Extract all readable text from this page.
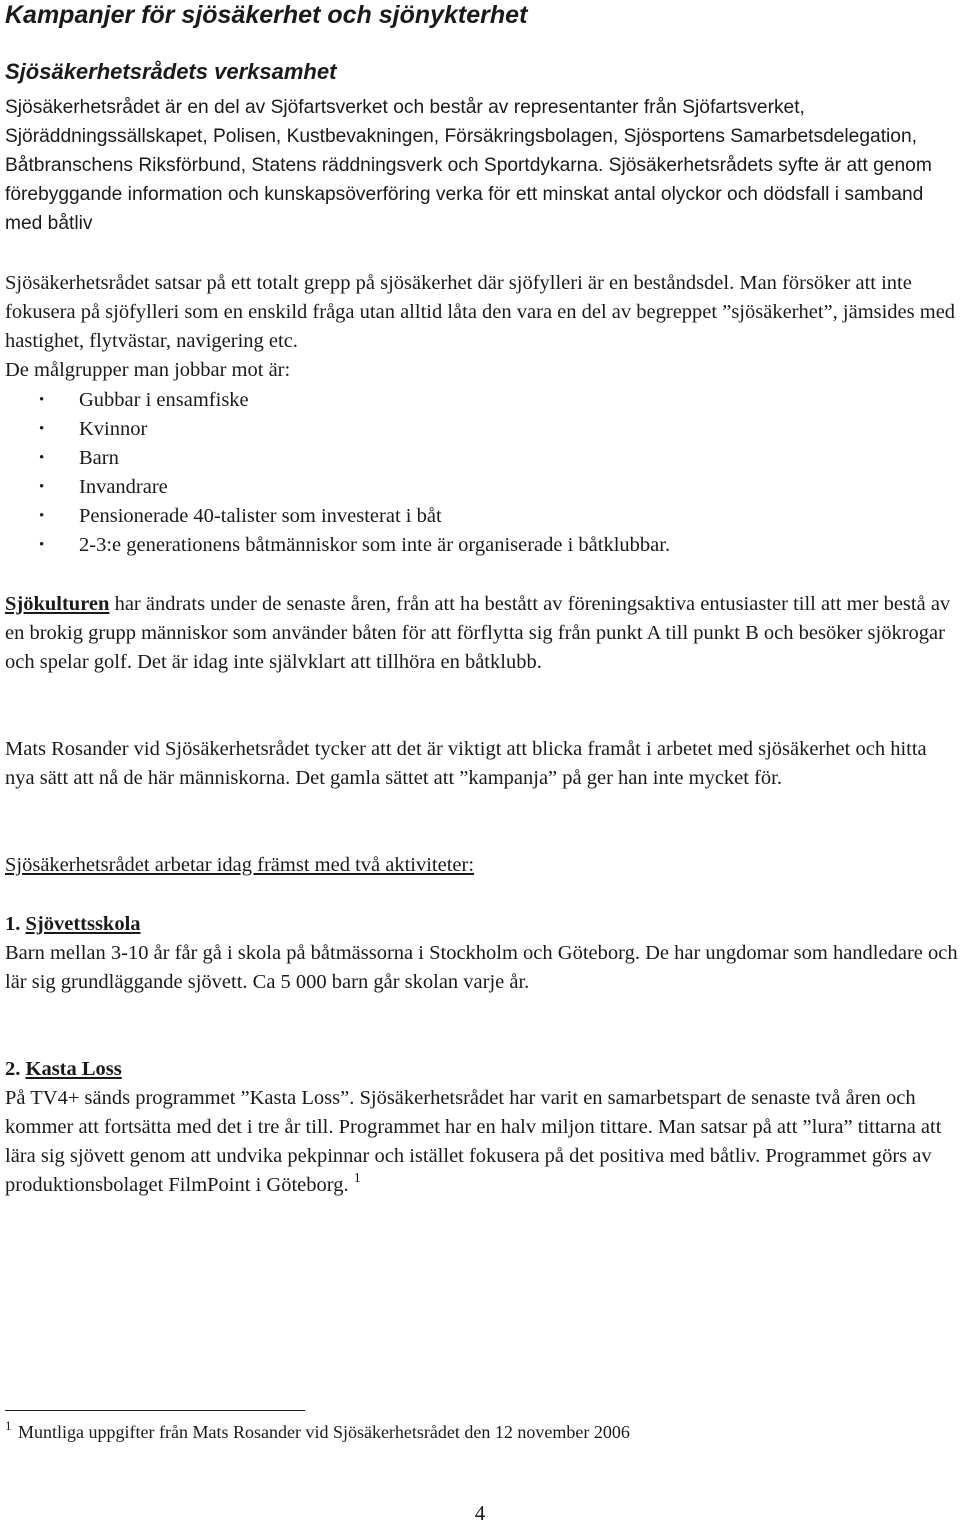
Kampanjer för sjösäkerhet och sjönykterhet
Sjösäkerhetsrådets verksamhet

Sjösäkerhetsrådet är en del av Sjöfartsverket och består av representanter från Sjöfartsverket, Sjöräddningssällskapet, Polisen, Kustbevakningen, Försäkringsbolagen, Sjösportens Samarbetsdelegation, Båtbranschens Riksförbund, Statens räddningsverk och Sportdykarna. Sjösäkerhetsrådets syfte är att genom förebyggande information och kunskapsöverföring verka för ett minskat antal olyckor och dödsfall i samband med båtliv

Sjösäkerhetsrådet satsar på ett totalt grepp på sjösäkerhet där sjöfylleri är en beståndsdel. Man försöker att inte fokusera på sjöfylleri som en enskild fråga utan alltid låta den vara en del av begreppet ”sjösäkerhet”, jämsides med hastighet, flytvästar, navigering etc.
De målgrupper man jobbar mot är:

• Gubbar i ensamfiske
• Kvinnor
• Barn
• Invandrare
• Pensionerade 40-talister som investerat i båt
• 2-3:e generationens båtmänniskor som inte är organiserade i båtklubbar.

Sjökulturen har ändrats under de senaste åren, från att ha bestått av föreningsaktiva entusiaster till att mer bestå av en brokig grupp människor som använder båten för att förflytta sig från punkt A till punkt B och besöker sjökrogar och spelar golf. Det är idag inte självklart att tillhöra en båtklubb.

Mats Rosander vid Sjösäkerhetsrådet tycker att det är viktigt att blicka framåt i arbetet med sjösäkerhet och hitta nya sätt att nå de här människorna. Det gamla sättet att ”kampanja” på ger han inte mycket för.

Sjösäkerhetsrådet arbetar idag främst med två aktiviteter:

1. Sjövettsskola
Barn mellan 3-10 år får gå i skola på båtmässorna i Stockholm och Göteborg. De har ungdomar som handledare och lär sig grundläggande sjövett. Ca 5 000 barn går skolan varje år.

2. Kasta Loss
På TV4+ sänds programmet ”Kasta Loss”. Sjösäkerhetsrådet har varit en samarbetspart de senaste två åren och kommer att fortsätta med det i tre år till. Programmet har en halv miljon tittare. Man satsar på att ”lura” tittarna att lära sig sjövett genom att undvika pekpinnar och istället fokusera på det positiva med båtliv. Programmet görs av produktionsbolaget FilmPoint i Göteborg. $^1$

$^1$ Muntliga uppgifter från Mats Rosander vid Sjösäkerhetsrådet den 12 november 2006
4
